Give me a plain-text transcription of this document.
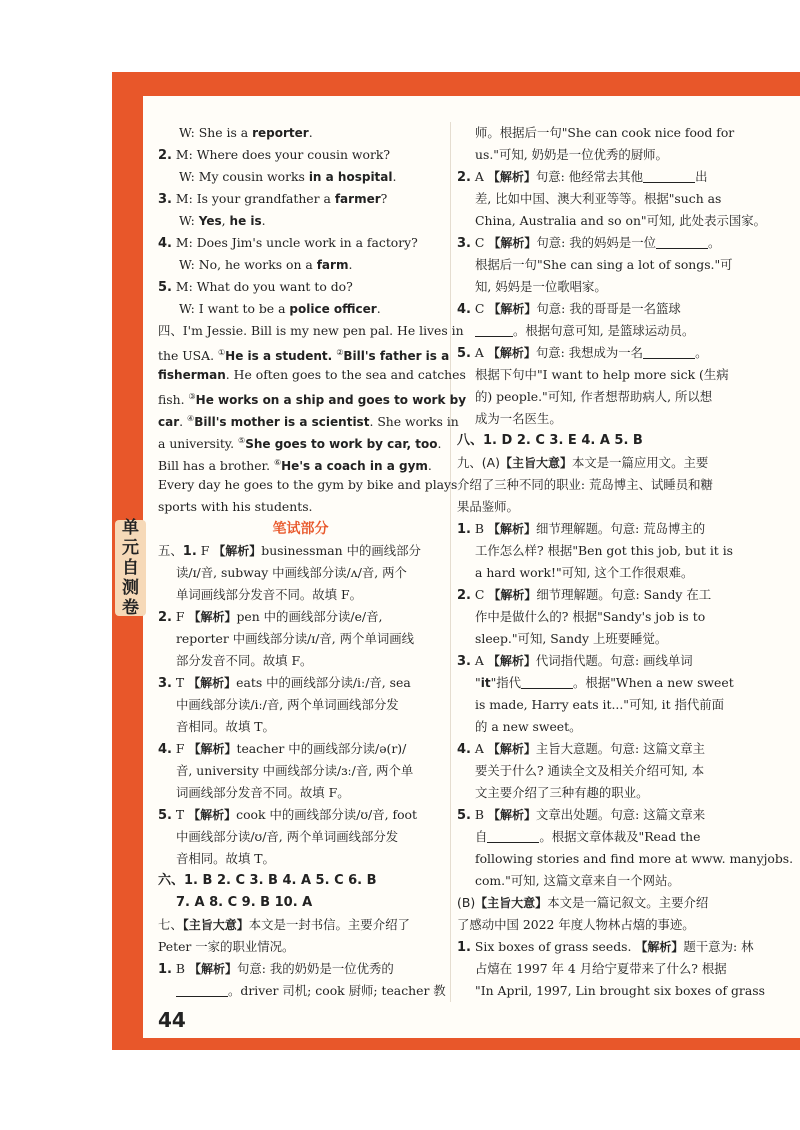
单
元
自
测
卷
W: She is a reporter.
2. M: Where does your cousin work?
W: My cousin works in a hospital.
3. M: Is your grandfather a farmer?
W: Yes, he is.
4. M: Does Jim's uncle work in a factory?
W: No, he works on a farm.
5. M: What do you want to do?
W: I want to be a police officer.
四、I'm Jessie. Bill is my new pen pal. He lives in
the USA. ①He is a student. ②Bill's father is a
fisherman. He often goes to the sea and catches
fish. ③He works on a ship and goes to work by
car. ④Bill's mother is a scientist. She works in
a university. ⑤She goes to work by car, too.
Bill has a brother. ⑥He's a coach in a gym.
Every day he goes to the gym by bike and plays
sports with his students.
笔试部分
五、1. F 【解析】businessman 中的画线部分
读/ɪ/音, subway 中画线部分读/ʌ/音, 两个
单词画线部分发音不同。故填 F。
2. F 【解析】pen 中的画线部分读/e/音,
reporter 中画线部分读/ɪ/音, 两个单词画线
部分发音不同。故填 F。
3. T 【解析】eats 中的画线部分读/iː/音, sea
中画线部分读/iː/音, 两个单词画线部分发
音相同。故填 T。
4. F 【解析】teacher 中的画线部分读/ə(r)/
音, university 中画线部分读/ɜː/音, 两个单
词画线部分发音不同。故填 F。
5. T 【解析】cook 中的画线部分读/ʊ/音, foot
中画线部分读/ʊ/音, 两个单词画线部分发
音相同。故填 T。
六、1. B 2. C 3. B 4. A 5. C 6. B
7. A 8. C 9. B 10. A
七、【主旨大意】本文是一封书信。主要介绍了
Peter 一家的职业情况。
1. B 【解析】句意: 我的奶奶是一位优秀的
。driver 司机; cook 厨师; teacher 教
师。根据后一句"She can cook nice food for
us."可知, 奶奶是一位优秀的厨师。
2. A 【解析】句意: 他经常去其他	出
差, 比如中国、澳大利亚等等。根据"such as
China, Australia and so on"可知, 此处表示国家。
3. C 【解析】句意: 我的妈妈是一位	。
根据后一句"She can sing a lot of songs."可
知, 妈妈是一位歌唱家。
4. C 【解析】句意: 我的哥哥是一名篮球
。根据句意可知, 是篮球运动员。
5. A 【解析】句意: 我想成为一名	。
根据下句中"I want to help more sick (生病
的) people."可知, 作者想帮助病人, 所以想
成为一名医生。
八、1. D 2. C 3. E 4. A 5. B
九、(A)【主旨大意】本文是一篇应用文。主要
介绍了三种不同的职业: 荒岛博主、试睡员和糖
果品鉴师。
1. B 【解析】细节理解题。句意: 荒岛博主的
工作怎么样? 根据"Ben got this job, but it is
a hard work!"可知, 这个工作很艰难。
2. C 【解析】细节理解题。句意: Sandy 在工
作中是做什么的? 根据"Sandy's job is to
sleep."可知, Sandy 上班要睡觉。
3. A 【解析】代词指代题。句意: 画线单词
"it"指代	。根据"When a new sweet
is made, Harry eats it..."可知, it 指代前面
的 a new sweet。
4. A 【解析】主旨大意题。句意: 这篇文章主
要关于什么? 通读全文及相关介绍可知, 本
文主要介绍了三种有趣的职业。
5. B 【解析】文章出处题。句意: 这篇文章来
自	。根据文章体裁及"Read the
following stories and find more at www. manyjobs.
com."可知, 这篇文章来自一个网站。
(B)【主旨大意】本文是一篇记叙文。主要介绍
了感动中国 2022 年度人物林占熺的事迹。
1. Six boxes of grass seeds. 【解析】题干意为: 林
占熺在 1997 年 4 月给宁夏带来了什么? 根据
"In April, 1997, Lin brought six boxes of grass
44
